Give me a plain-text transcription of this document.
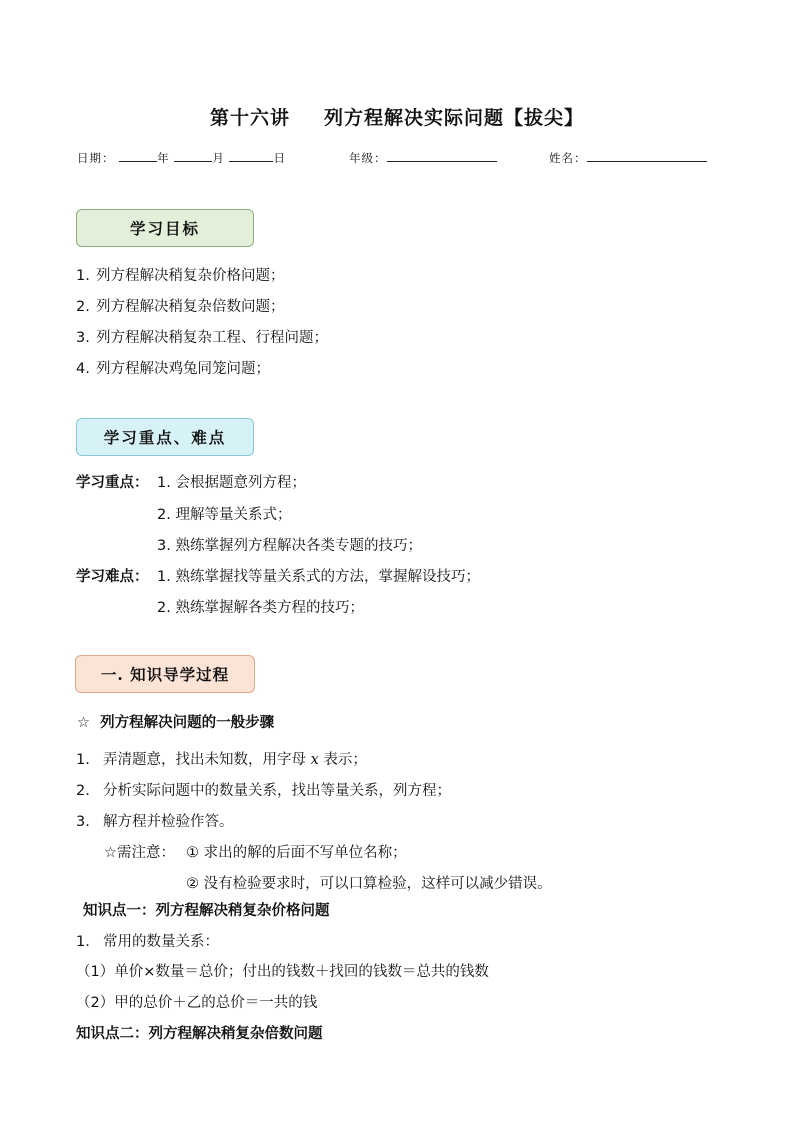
第十六讲 列方程解决实际问题【拔尖】
日期：	年	月	日	年级：	姓名：
学习目标
1. 列方程解决稍复杂价格问题；
2. 列方程解决稍复杂倍数问题；
3. 列方程解决稍复杂工程、行程问题；
4. 列方程解决鸡兔同笼问题；
学习重点、难点
学习重点： 1. 会根据题意列方程；
2. 理解等量关系式；
3. 熟练掌握列方程解决各类专题的技巧；
学习难点： 1. 熟练掌握找等量关系式的方法，掌握解设技巧；
2. 熟练掌握解各类方程的技巧；
一. 知识导学过程
☆ 列方程解决问题的一般步骤
1. 弄清题意，找出未知数，用字母 x 表示；
2. 分析实际问题中的数量关系，找出等量关系，列方程；
3. 解方程并检验作答。
☆需注意： ① 求出的解的后面不写单位名称；
② 没有检验要求时，可以口算检验，这样可以减少错误。
知识点一：列方程解决稍复杂价格问题
1. 常用的数量关系：
（1）单价×数量＝总价；付出的钱数＋找回的钱数＝总共的钱数
（2）甲的总价＋乙的总价＝一共的钱
知识点二：列方程解决稍复杂倍数问题
